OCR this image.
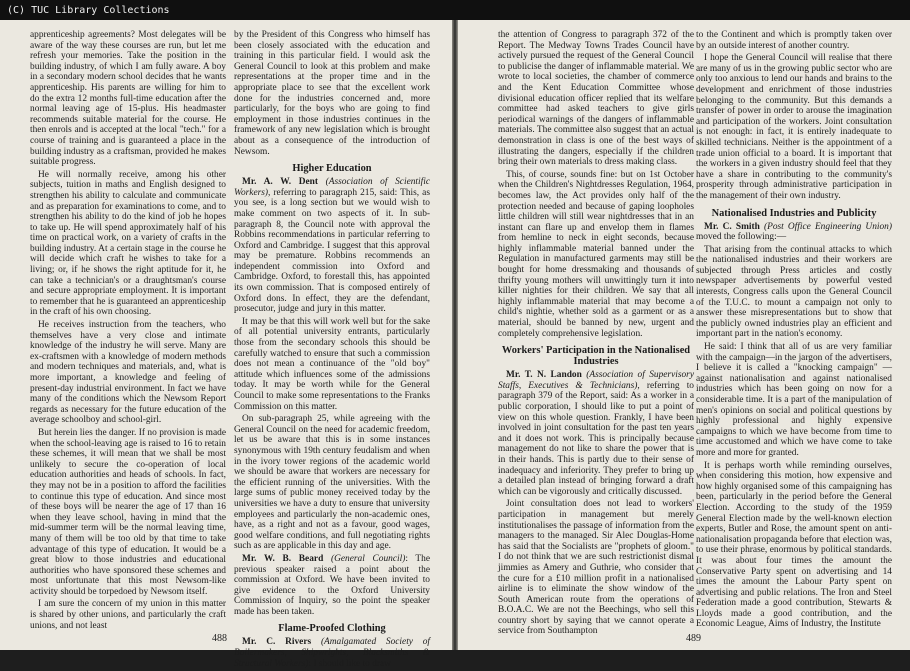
(C) TUC Library Collections

apprenticeship agreements? Most delegates will be aware of the way these courses are run, but let me refresh your memories. Take the position in the building industry, of which I am fully aware. A boy in a secondary modern school decides that he wants apprenticeship. His parents are willing for him to do the extra 12 months full-time education after the normal leaving age of 15-plus. His headmaster recommends suitable material for the course. He then enrols and is accepted at the local "tech." for a course of training and is guaranteed a place in the building industry as a craftsman, provided he makes suitable progress.

He will normally receive, among his other subjects, tuition in maths and English designed to strengthen his ability to calculate and communicate and as preparation for examinations to come, and to strengthen his ability to do the kind of job he hopes to take up. He will spend approximately half of his time on practical work, on a variety of crafts in the building industry. At a certain stage in the course he will decide which craft he wishes to take for a living; or, if he shows the right aptitude for it, he can take a technician's or a draughtsman's course and secure appropriate employment. It is important to remember that he is guaranteed an apprenticeship in the craft of his own choosing.

He receives instruction from the teachers, who themselves have a very close and intimate knowledge of the industry he will serve. Many are ex-craftsmen with a knowledge of modern methods and modern techniques and materials, and, what is more important, a knowledge and feeling of present-day industrial environment. In fact we have many of the conditions which the Newsom Report regards as necessary for the future education of the average schoolboy and school-girl.

But herein lies the danger. If no provision is made when the school-leaving age is raised to 16 to retain these schemes, it will mean that we shall be most unlikely to secure the co-operation of local education authorities and heads of schools. In fact, they may not be in a position to afford the facilities to continue this type of education. And since most of these boys will be nearer the age of 17 than 16 when they leave school, having in mind that the mid-summer term will be the normal leaving time, many of them will be too old by that time to take advantage of this type of education. It would be a great blow to those industries and educational authorities who have sponsored these schemes and most unfortunate that this most Newsom-like activity should be torpedoed by Newsom itself.

I am sure the concern of my union in this matter is shared by other unions, and particularly the craft unions, and not least

by the President of this Congress who himself has been closely associated with the education and training in this particular field. I would ask the General Council to look at this problem and make representations at the proper time and in the appropriate place to see that the excellent work done for the industries concerned and, more particularly, for the boys who are going to find employment in those industries continues in the framework of any new legislation which is brought about as a consequence of the introduction of Newsom.

Higher Education

Mr. A. W. Dent (Association of Scientific Workers), referring to paragraph 215, said: This, as you see, is a long section but we would wish to make comment on two aspects of it. In sub-paragraph 8, the Council note with approval the Robbins recommendations in particular referring to Oxford and Cambridge. I suggest that this approval may be premature. Robbins recommends an independent commission into Oxford and Cambridge. Oxford, to forestall this, has appointed its own commission. That is composed entirely of Oxford dons. In effect, they are the defendant, prosecutor, judge and jury in this matter.

It may be that this will work well but for the sake of all potential university entrants, particularly those from the secondary schools this should be carefully watched to ensure that such a commission does not mean a continuance of the "old boy" attitude which influences some of the admissions today. It may be worth while for the General Council to make some representations to the Franks Commission on this matter.

On sub-paragraph 25, while agreeing with the General Council on the need for academic freedom, let us be aware that this is in some instances synonymous with 19th century feudalism and when in the ivory tower regions of the academic world we should be aware that workers are necessary for the efficient running of the universities. With the large sums of public money received today by the universities we have a duty to ensure that university employees and particularly the non-academic ones, have, as a right and not as a favour, good wages, good welfare conditions, and full negotiating rights such as are applicable in this day and age.

Mr. W. B. Beard (General Council): The previous speaker raised a point about the commission at Oxford. We have been invited to give evidence to the Oxford University Commission of Inquiry, so the point the speaker made has been taken.

Flame-Proofed Clothing

Mr. C. Rivers (Amalgamated Society of Boilermakers, Shipwrights, Blacksmiths & Structural Workers): I should like to draw

488

the attention of Congress to paragraph 372 of the Report. The Medway Towns Trades Council have actively pursued the request of the General Council to publicise the danger of inflammable material. We wrote to local societies, the chamber of commerce and the Kent Education Committee whose divisional education officer replied that its welfare committee had asked teachers to give girls periodical warnings of the dangers of inflammable materials. The committee also suggest that an actual demonstration in class is one of the best ways of illustrating the dangers, especially if the children bring their own materials to dress making class.

This, of course, sounds fine: but on 1st October when the Children's Nightdresses Regulation, 1964, becomes law, the Act provides only half of the protection needed and because of gaping loopholes little children will still wear nightdresses that in an instant can flare up and envelop them in flames from hemline to neck in eight seconds, because highly inflammable material banned under the Regulation in manufactured garments may still be bought for home dressmaking and thousands of thrifty young mothers will unwittingly turn it into killer nighties for their children. We say that all highly inflammable material that may become a child's nightie, whether sold as a garment or as a material, should be banned by new, urgent and completely comprehensive legislation.

Workers' Participation in the Nationalised Industries

Mr. T. N. Landon (Association of Supervisory Staffs, Executives & Technicians), referring to paragraph 379 of the Report, said: As a worker in a public corporation, I should like to put a point of view on this whole question. Frankly, I have been involved in joint consultation for the past ten years and it does not work. This is principally because management do not like to share the power that is in their hands. This is partly due to their sense of inadequacy and inferiority. They prefer to bring up a detailed plan instead of bringing forward a draft which can be vigorously and critically discussed.

Joint consultation does not lead to workers' participation in management but merely institutionalises the passage of information from the managers to the managed. Sir Alec Douglas-Home has said that the Socialists are "prophets of gloom." I do not think that we are such restrictionist dismal jimmies as Amery and Guthrie, who consider that the cure for a £10 million profit in a nationalised airline is to eliminate the show window of the South American route from the operations of B.O.A.C. We are not the Beechings, who sell this country short by saying that we cannot operate a service from Southampton

to the Continent and which is promptly taken over by an outside interest of another country.

I hope the General Council will realise that there are many of us in the growing public sector who are only too anxious to lend our hands and brains to the development and enrichment of those industries belonging to the community. But this demands a transfer of power in order to arouse the imagination and participation of the workers. Joint consultation is not enough: in fact, it is entirely inadequate to skilled technicians. Neither is the appointment of a trade union official to a board. It is important that the workers in a given industry should feel that they have a share in contributing to the community's prosperity through administrative participation in the management of their own industry.

Nationalised Industries and Publicity

Mr. C. Smith (Post Office Engineering Union) moved the following:—

That arising from the continual attacks to which the nationalised industries and their workers are subjected through Press articles and costly newspaper advertisements by powerful vested interests, Congress calls upon the General Council of the T.U.C. to mount a campaign not only to answer these misrepresentations but to show that the publicly owned industries play an efficient and important part in the nation's economy.

He said: I think that all of us are very familiar with the campaign—in the jargon of the advertisers, I believe it is called a "knocking campaign" — against nationalisation and against nationalised industries which has been going on now for a considerable time. It is a part of the manipulation of men's opinions on social and political questions by highly professional and highly expensive campaigns to which we have become from time to time accustomed and which we have come to take more and more for granted.

It is perhaps worth while reminding ourselves, when considering this motion, how expensive and how highly organised some of this campaigning has been, particularly in the period before the General Election. According to the study of the 1959 General Election made by the well-known election experts, Butler and Rose, the amount spent on anti-nationalisation propaganda before that election was, to use their phrase, enormous by political standards. It was about four times the amount the Conservative Party spent on advertising and 14 times the amount the Labour Party spent on advertising and public relations. The Iron and Steel Federation made a good contribution, Stewarts & Lloyds made a good contribution, and the Economic League, Aims of Industry, the Institute

489
